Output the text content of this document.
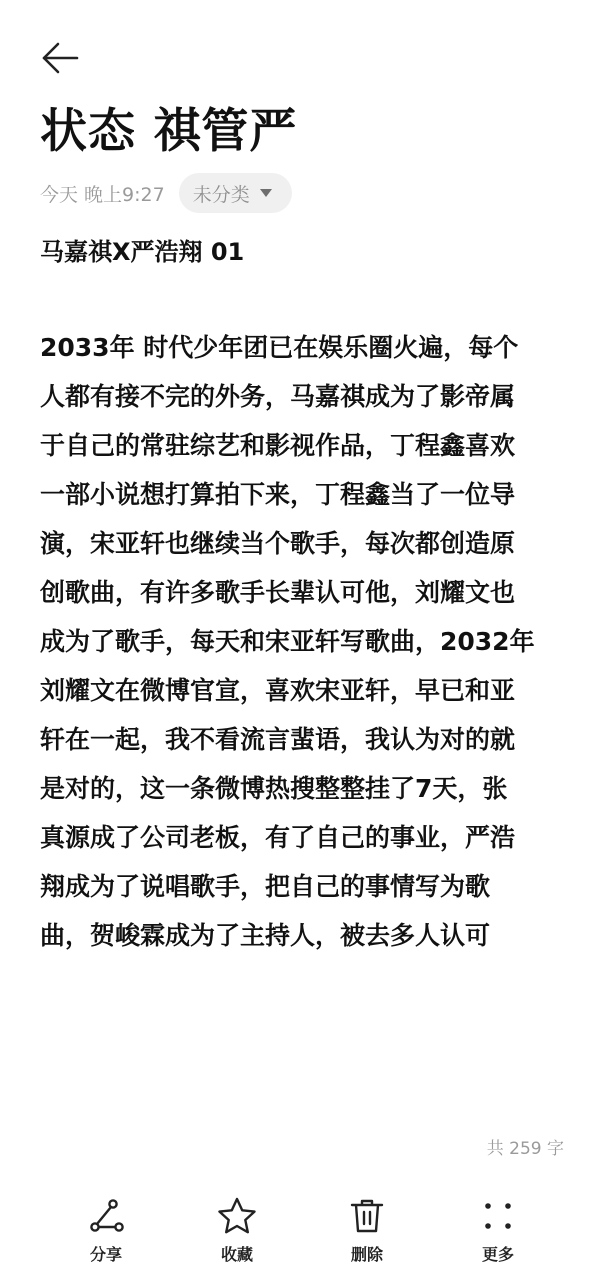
状态 祺管严
今天 晚上9:27 未分类
马嘉祺X严浩翔 01
2033年 时代少年团已在娱乐圈火遍，每个
人都有接不完的外务，马嘉祺成为了影帝属
于自己的常驻综艺和影视作品，丁程鑫喜欢
一部小说想打算拍下来，丁程鑫当了一位导
演，宋亚轩也继续当个歌手，每次都创造原
创歌曲，有许多歌手长辈认可他，刘耀文也
成为了歌手，每天和宋亚轩写歌曲，2032年
刘耀文在微博官宣，喜欢宋亚轩，早已和亚
轩在一起，我不看流言蜚语，我认为对的就
是对的，这一条微博热搜整整挂了7天，张
真源成了公司老板，有了自己的事业，严浩
翔成为了说唱歌手，把自己的事情写为歌
曲，贺峻霖成为了主持人，被去多人认可
共 259 字
分享	收藏	删除	更多
